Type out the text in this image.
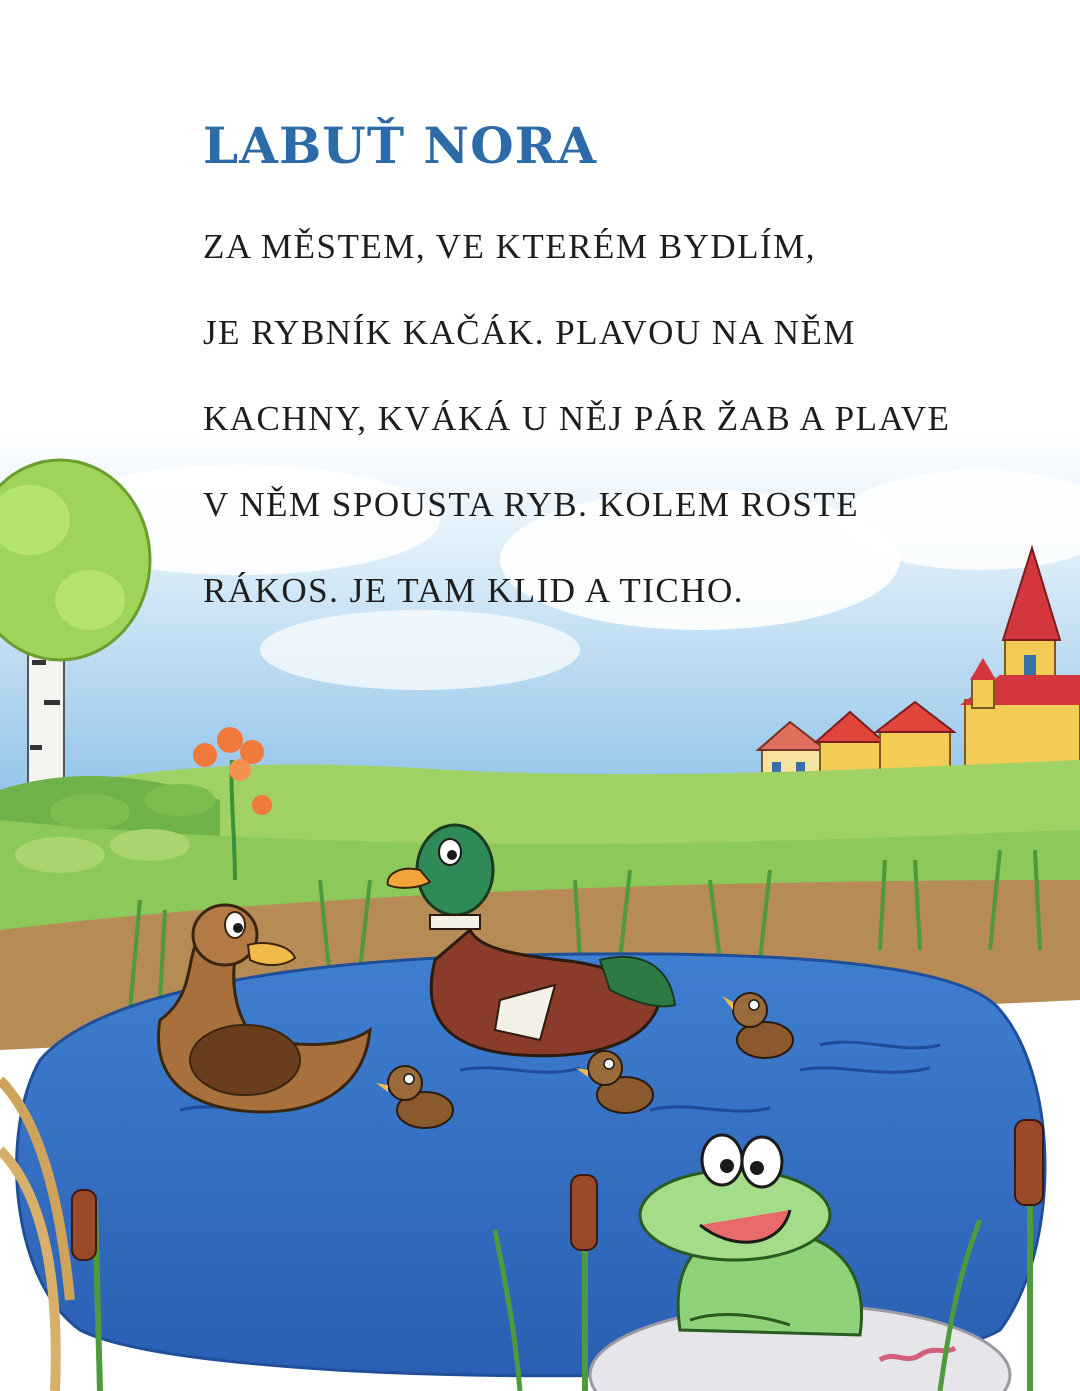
LABUŤ NORA
ZA MĚSTEM, VE KTERÉM BYDLÍM,
JE RYBNÍK KAČÁK. PLAVOU NA NĚM
KACHNY, KVÁKÁ U NĚJ PÁR ŽAB A PLAVE
V NĚM SPOUSTA RYB. KOLEM ROSTE
RÁKOS. JE TAM KLID A TICHO.
